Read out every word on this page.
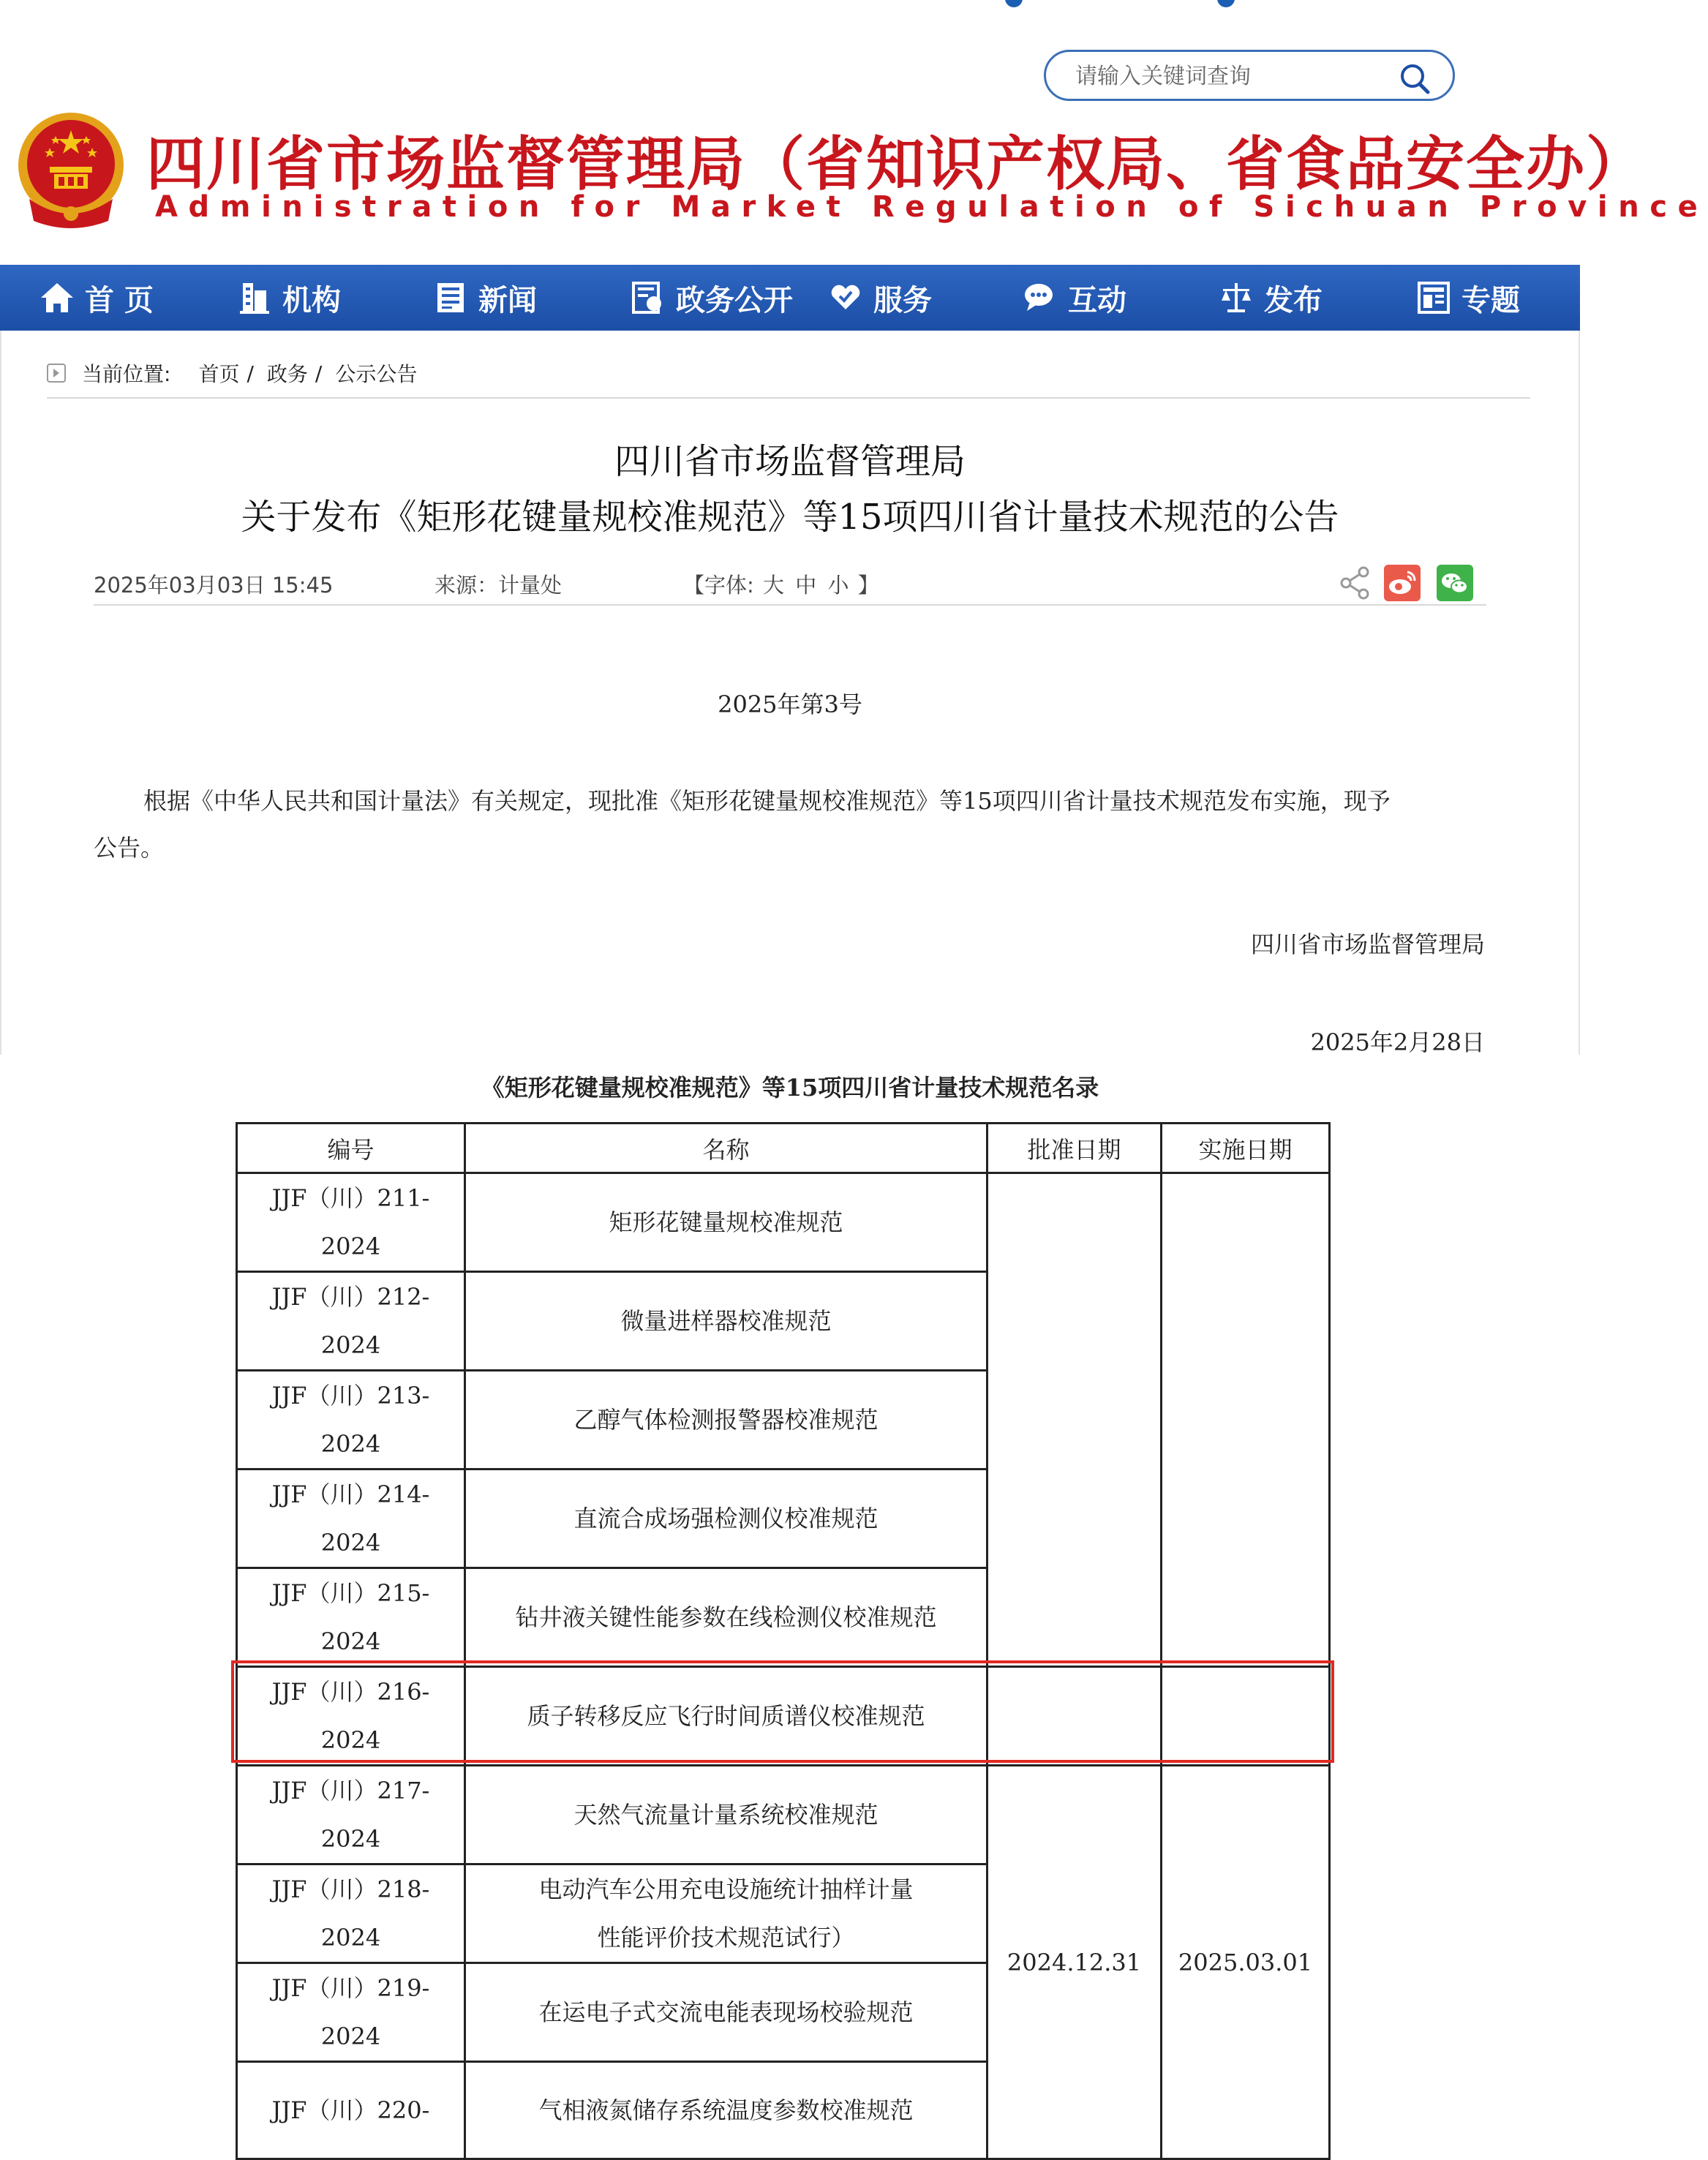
请输入关键词查询
四川省市场监督管理局（省知识产权局、省食品安全办）
Administration for Market Regulation of Sichuan Province
首 页	机构	新闻	政务公开	服务	互动	发布	专题
当前位置: 首页 / 政务 / 公示公告
四川省市场监督管理局
关于发布《矩形花键量规校准规范》等15项四川省计量技术规范的公告
2025年03月03日 15:45	来源：计量处	【字体: 大 中 小 】
2025年第3号
根据《中华人民共和国计量法》有关规定，现批准《矩形花键量规校准规范》等15项四川省计量技术规范发布实施，现予
公告。
四川省市场监督管理局
2025年2月28日
《矩形花键量规校准规范》等15项四川省计量技术规范名录
编号	名称	批准日期	实施日期
JJF（川）211-
2024	矩形花键量规校准规范		
JJF（川）212-
2024	微量进样器校准规范		
JJF（川）213-
2024	乙醇气体检测报警器校准规范		
JJF（川）214-
2024	直流合成场强检测仪校准规范		
JJF（川）215-
2024	钻井液关键性能参数在线检测仪校准规范		
JJF（川）216-
2024	质子转移反应飞行时间质谱仪校准规范		
JJF（川）217-
2024	天然气流量计量系统校准规范	2024.12.31	2025.03.01
JJF（川）218-
2024	电动汽车公用充电设施统计抽样计量
性能评价技术规范试行）		
JJF（川）219-
2024	在运电子式交流电能表现场校验规范		
JJF（川）220-	气相液氮储存系统温度参数校准规范		
